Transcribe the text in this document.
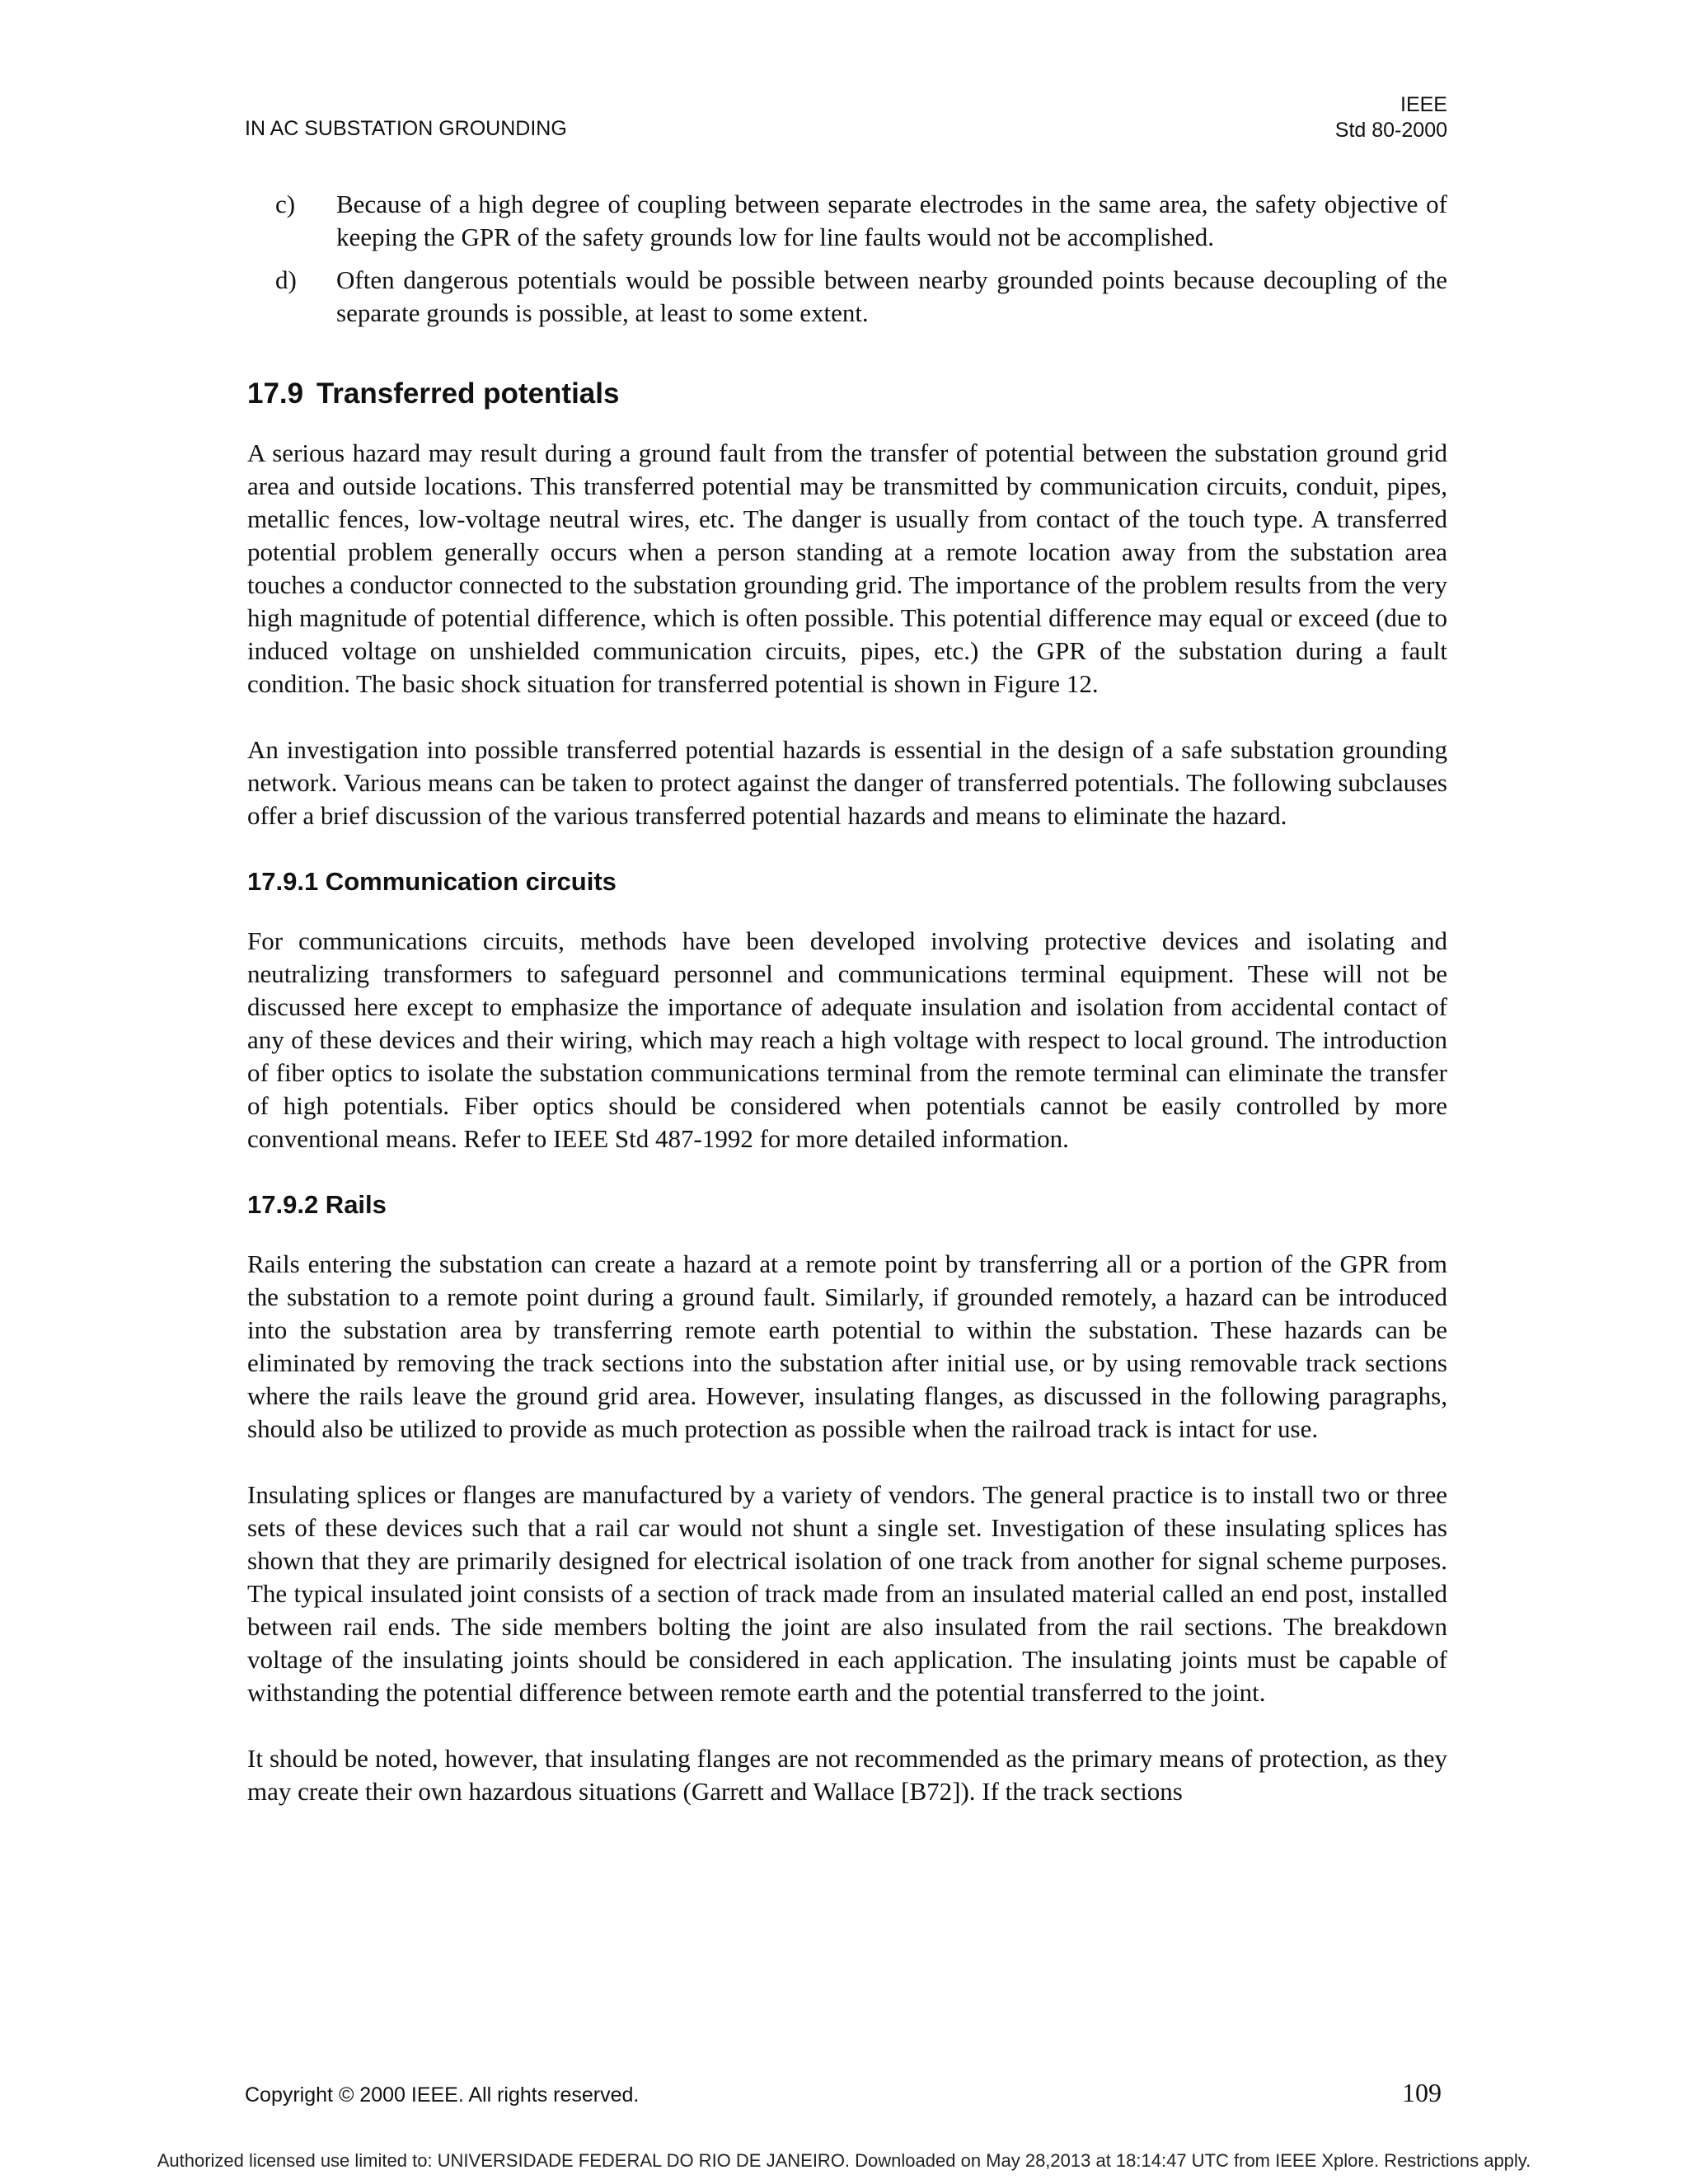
IN AC SUBSTATION GROUNDING
IEEE
Std 80-2000
c)	Because of a high degree of coupling between separate electrodes in the same area, the safety objective of keeping the GPR of the safety grounds low for line faults would not be accomplished.

d)	Often dangerous potentials would be possible between nearby grounded points because decoupling of the separate grounds is possible, at least to some extent.

17.9 Transferred potentials

A serious hazard may result during a ground fault from the transfer of potential between the substation ground grid area and outside locations. This transferred potential may be transmitted by communication circuits, conduit, pipes, metallic fences, low-voltage neutral wires, etc. The danger is usually from contact of the touch type. A transferred potential problem generally occurs when a person standing at a remote location away from the substation area touches a conductor connected to the substation grounding grid. The importance of the problem results from the very high magnitude of potential difference, which is often possible. This potential difference may equal or exceed (due to induced voltage on unshielded communication circuits, pipes, etc.) the GPR of the substation during a fault condition. The basic shock situation for transferred potential is shown in Figure 12.

An investigation into possible transferred potential hazards is essential in the design of a safe substation grounding network. Various means can be taken to protect against the danger of transferred potentials. The following subclauses offer a brief discussion of the various transferred potential hazards and means to eliminate the hazard.

17.9.1 Communication circuits

For communications circuits, methods have been developed involving protective devices and isolating and neutralizing transformers to safeguard personnel and communications terminal equipment. These will not be discussed here except to emphasize the importance of adequate insulation and isolation from accidental contact of any of these devices and their wiring, which may reach a high voltage with respect to local ground. The introduction of fiber optics to isolate the substation communications terminal from the remote terminal can eliminate the transfer of high potentials. Fiber optics should be considered when potentials cannot be easily controlled by more conventional means. Refer to IEEE Std 487-1992 for more detailed information.

17.9.2 Rails

Rails entering the substation can create a hazard at a remote point by transferring all or a portion of the GPR from the substation to a remote point during a ground fault. Similarly, if grounded remotely, a hazard can be introduced into the substation area by transferring remote earth potential to within the substation. These hazards can be eliminated by removing the track sections into the substation after initial use, or by using removable track sections where the rails leave the ground grid area. However, insulating flanges, as discussed in the following paragraphs, should also be utilized to provide as much protection as possible when the railroad track is intact for use.

Insulating splices or flanges are manufactured by a variety of vendors. The general practice is to install two or three sets of these devices such that a rail car would not shunt a single set. Investigation of these insulating splices has shown that they are primarily designed for electrical isolation of one track from another for signal scheme purposes. The typical insulated joint consists of a section of track made from an insulated material called an end post, installed between rail ends. The side members bolting the joint are also insulated from the rail sections. The breakdown voltage of the insulating joints should be considered in each application. The insulating joints must be capable of withstanding the potential difference between remote earth and the potential transferred to the joint.

It should be noted, however, that insulating flanges are not recommended as the primary means of protection, as they may create their own hazardous situations (Garrett and Wallace [B72]). If the track sections

Copyright © 2000 IEEE. All rights reserved.	109
Authorized licensed use limited to: UNIVERSIDADE FEDERAL DO RIO DE JANEIRO. Downloaded on May 28,2013 at 18:14:47 UTC from IEEE Xplore. Restrictions apply.
